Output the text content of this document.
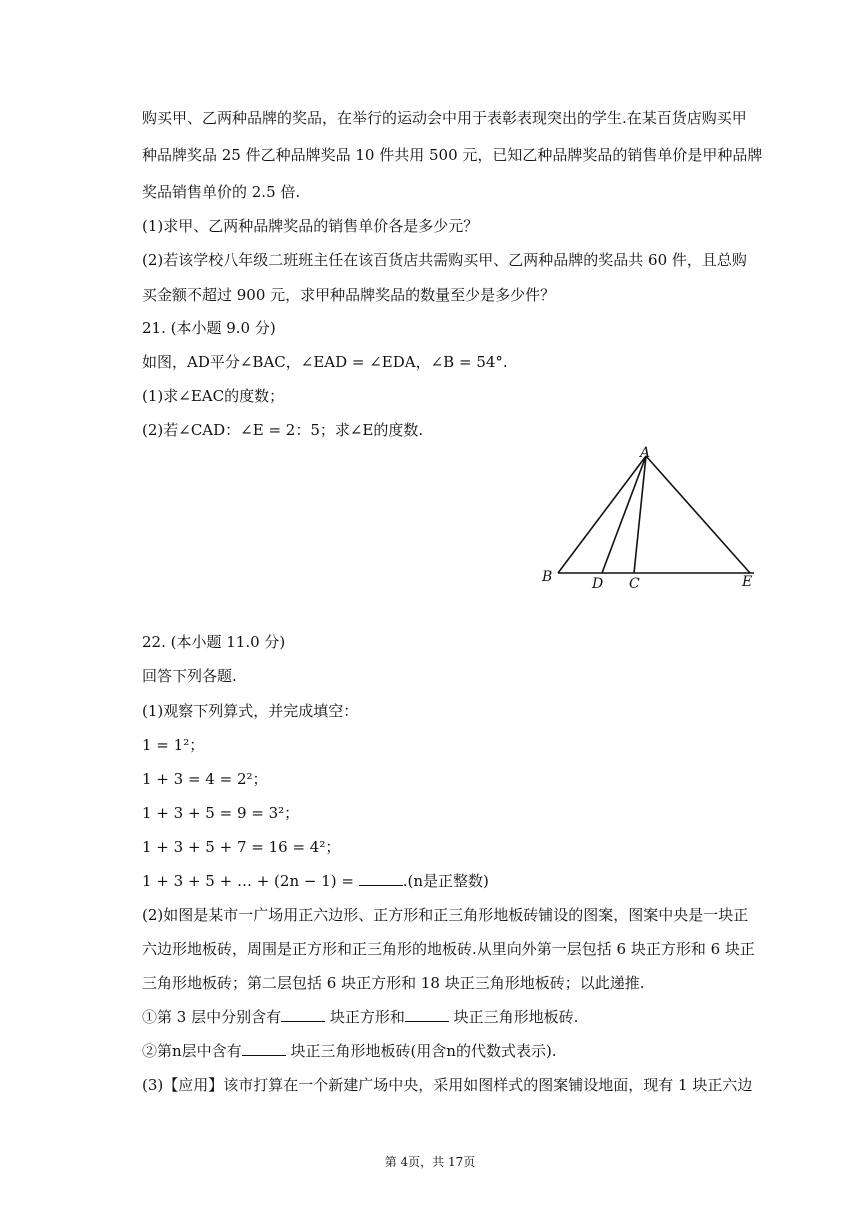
购买甲、乙两种品牌的奖品，在举行的运动会中用于表彰表现突出的学生.在某百货店购买甲
种品牌奖品 25 件乙种品牌奖品 10 件共用 500 元，已知乙种品牌奖品的销售单价是甲种品牌
奖品销售单价的 2.5 倍.
(1)求甲、乙两种品牌奖品的销售单价各是多少元？
(2)若该学校八年级二班班主任在该百货店共需购买甲、乙两种品牌的奖品共 60 件，且总购
买金额不超过 900 元，求甲种品牌奖品的数量至少是多少件？
21. (本小题 9.0 分)
如图，AD平分∠BAC，∠EAD = ∠EDA，∠B = 54°.
(1)求∠EAC的度数；
(2)若∠CAD：∠E = 2：5；求∠E的度数.
A
B	D C	E
22. (本小题 11.0 分)
回答下列各题.
(1)观察下列算式，并完成填空：
1 = 1²；
1 + 3 = 4 = 2²；
1 + 3 + 5 = 9 = 3²；
1 + 3 + 5 + 7 = 16 = 4²；
1 + 3 + 5 + … + (2n − 1) =	.(n是正整数)
(2)如图是某市一广场用正六边形、正方形和正三角形地板砖铺设的图案，图案中央是一块正
六边形地板砖，周围是正方形和正三角形的地板砖.从里向外第一层包括 6 块正方形和 6 块正
三角形地板砖；第二层包括 6 块正方形和 18 块正三角形地板砖；以此递推.
①第 3 层中分别含有	块正方形和	块正三角形地板砖.
②第n层中含有	块正三角形地板砖(用含n的代数式表示).
(3)【应用】该市打算在一个新建广场中央，采用如图样式的图案铺设地面，现有 1 块正六边
第 4页，共 17页
